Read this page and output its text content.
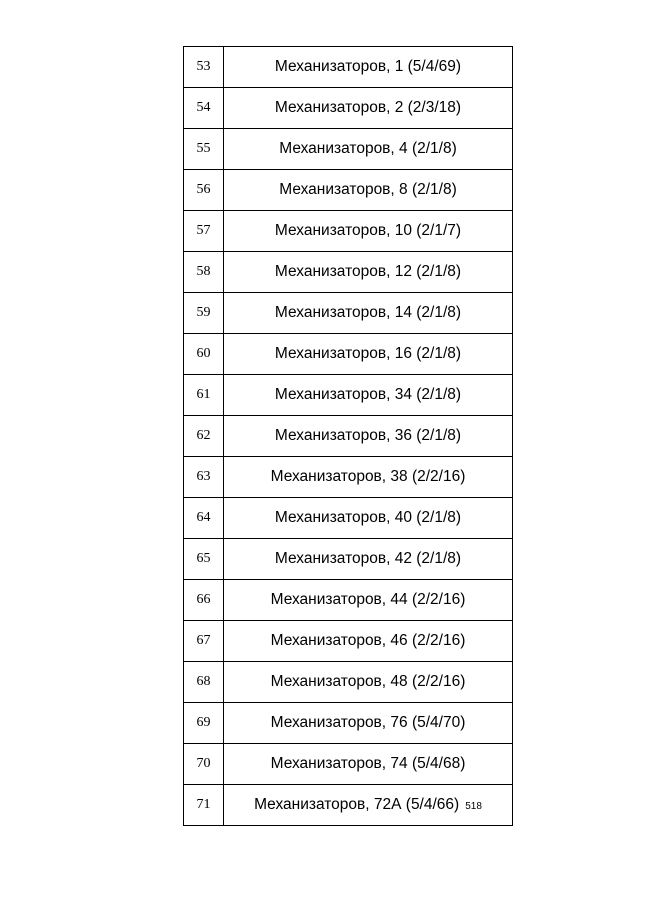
53	Механизаторов, 1 (5/4/69)
54	Механизаторов, 2 (2/3/18)
55	Механизаторов, 4 (2/1/8)
56	Механизаторов, 8 (2/1/8)
57	Механизаторов, 10 (2/1/7)
58	Механизаторов, 12 (2/1/8)
59	Механизаторов, 14 (2/1/8)
60	Механизаторов, 16 (2/1/8)
61	Механизаторов, 34 (2/1/8)
62	Механизаторов, 36 (2/1/8)
63	Механизаторов, 38 (2/2/16)
64	Механизаторов, 40 (2/1/8)
65	Механизаторов, 42 (2/1/8)
66	Механизаторов, 44 (2/2/16)
67	Механизаторов, 46 (2/2/16)
68	Механизаторов, 48 (2/2/16)
69	Механизаторов, 76 (5/4/70)
70	Механизаторов, 74 (5/4/68)
71	Механизаторов, 72А (5/4/66) 518
